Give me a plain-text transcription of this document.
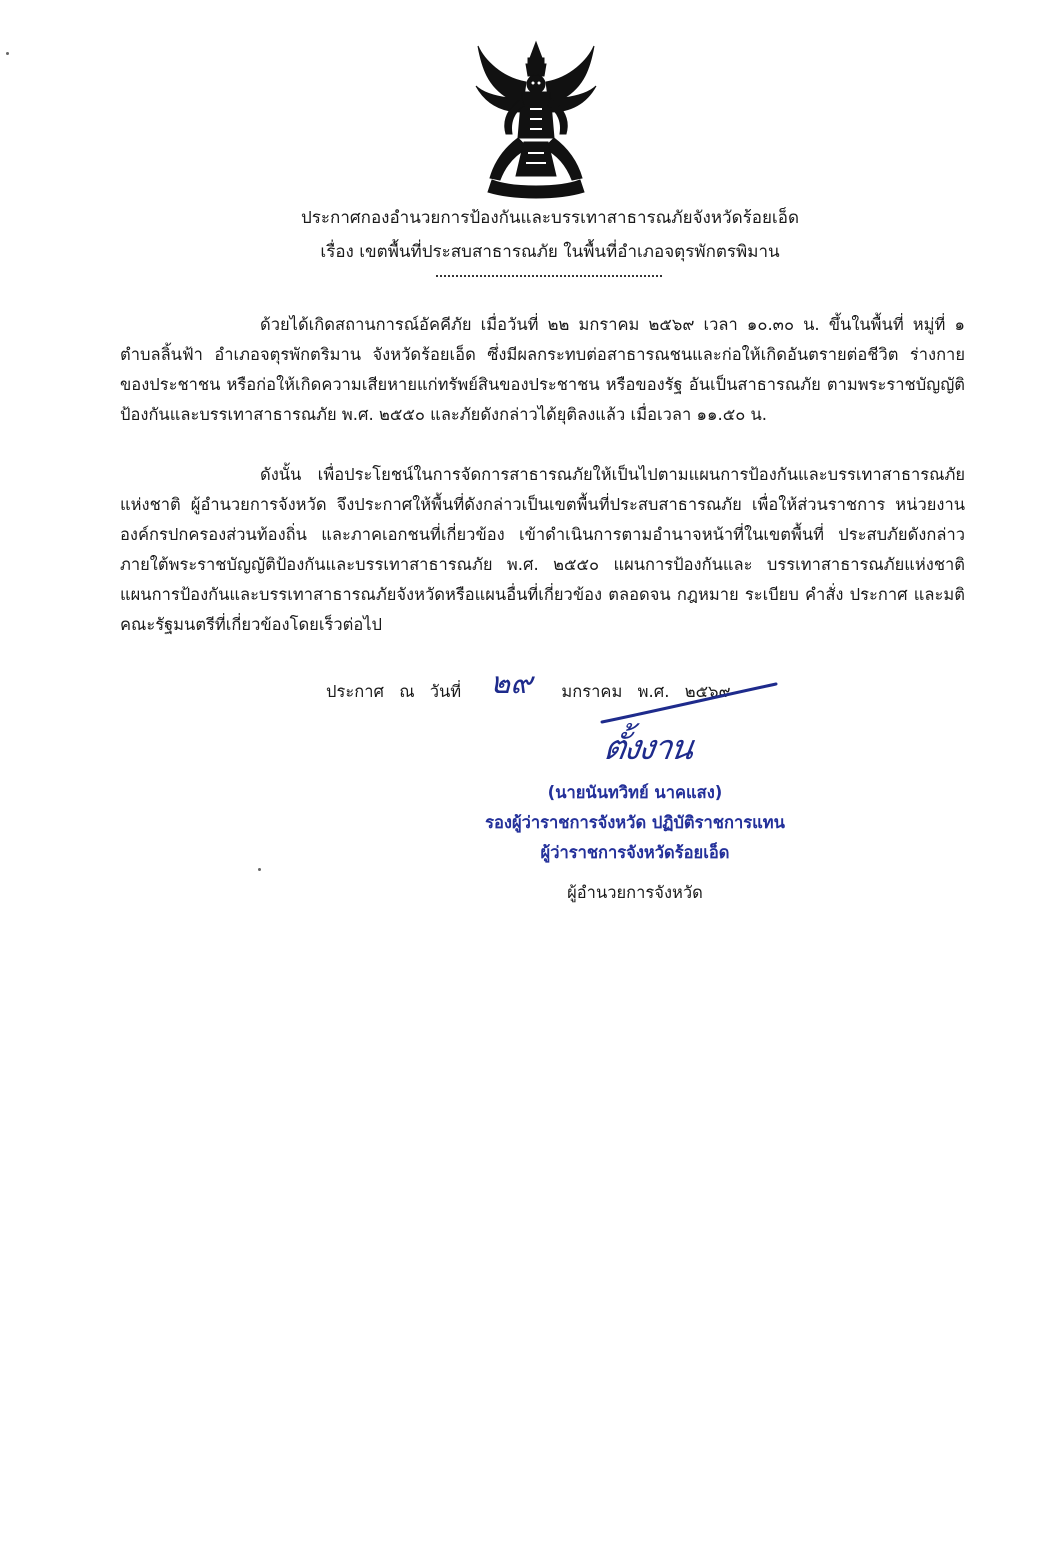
ประกาศกองอำนวยการป้องกันและบรรเทาสาธารณภัยจังหวัดร้อยเอ็ด
เรื่อง เขตพื้นที่ประสบสาธารณภัย ในพื้นที่อำเภอจตุรพักตรพิมาน

ด้วยได้เกิดสถานการณ์อัคคีภัย เมื่อวันที่ ๒๒ มกราคม ๒๕๖๙ เวลา ๑๐.๓๐ น. ขึ้นในพื้นที่ หมู่ที่ ๑ ตำบลลิ้นฟ้า อำเภอจตุรพักตริมาน จังหวัดร้อยเอ็ด ซึ่งมีผลกระทบต่อสาธารณชนและก่อให้เกิดอันตรายต่อชีวิต ร่างกายของประชาชน หรือก่อให้เกิดความเสียหายแก่ทรัพย์สินของประชาชน หรือของรัฐ อันเป็นสาธารณภัย ตามพระราชบัญญัติป้องกันและบรรเทาสาธารณภัย พ.ศ. ๒๕๕๐ และภัยดังกล่าวได้ยุติลงแล้ว เมื่อเวลา ๑๑.๕๐ น.

ดังนั้น เพื่อประโยชน์ในการจัดการสาธารณภัยให้เป็นไปตามแผนการป้องกันและบรรเทาสาธารณภัย แห่งชาติ ผู้อำนวยการจังหวัด จึงประกาศให้พื้นที่ดังกล่าวเป็นเขตพื้นที่ประสบสาธารณภัย เพื่อให้ส่วนราชการ หน่วยงาน องค์กรปกครองส่วนท้องถิ่น และภาคเอกชนที่เกี่ยวข้อง เข้าดำเนินการตามอำนาจหน้าที่ในเขตพื้นที่ ประสบภัยดังกล่าว ภายใต้พระราชบัญญัติป้องกันและบรรเทาสาธารณภัย พ.ศ. ๒๕๕๐ แผนการป้องกันและ บรรเทาสาธารณภัยแห่งชาติ แผนการป้องกันและบรรเทาสาธารณภัยจังหวัดหรือแผนอื่นที่เกี่ยวข้อง ตลอดจน กฎหมาย ระเบียบ คำสั่ง ประกาศ และมติคณะรัฐมนตรีที่เกี่ยวข้องโดยเร็วต่อไป

ประกาศ ณ วันที่ ๒๙ มกราคม พ.ศ. ๒๕๖๙
ตั้งงาน
(นายนันทวิทย์ นาคแสง)
รองผู้ว่าราชการจังหวัด ปฏิบัติราชการแทน
ผู้ว่าราชการจังหวัดร้อยเอ็ด
ผู้อำนวยการจังหวัด
